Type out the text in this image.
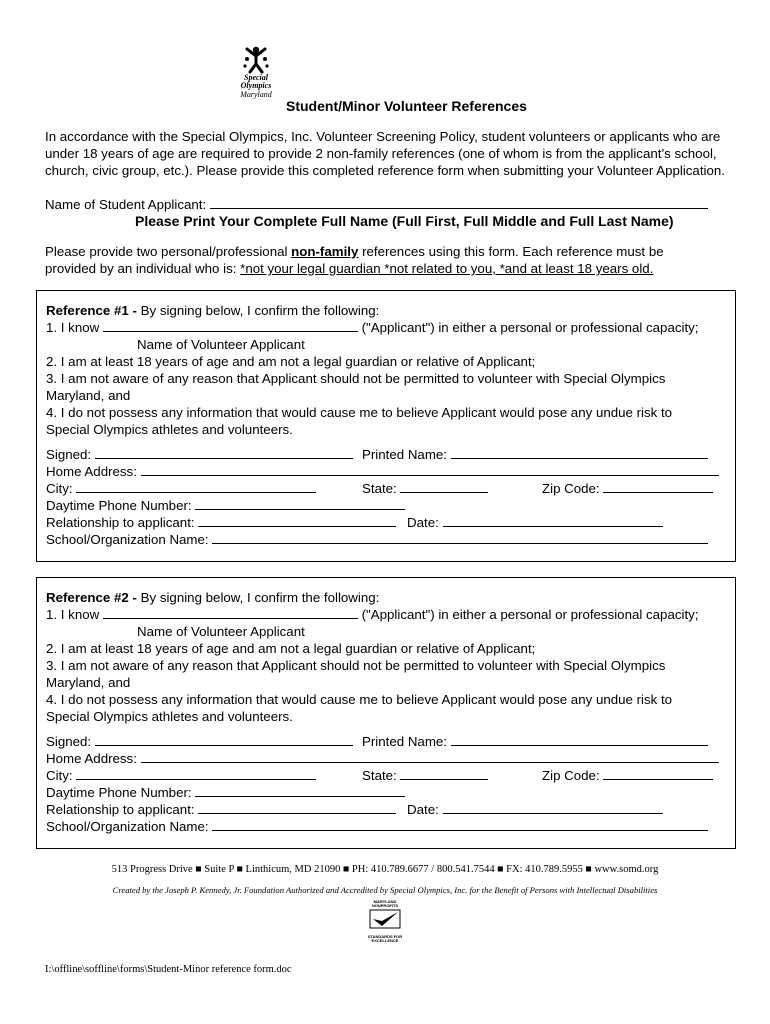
Special
Olympics
Maryland
Student/Minor Volunteer References
In accordance with the Special Olympics, Inc. Volunteer Screening Policy, student volunteers or applicants who are under 18 years of age are required to provide 2 non-family references (one of whom is from the applicant’s school, church, civic group, etc.). Please provide this completed reference form when submitting your Volunteer Application.
Name of Student Applicant:
Please Print Your Complete Full Name (Full First, Full Middle and Full Last Name)
Please provide two personal/professional non-family references using this form. Each reference must be
provided by an individual who is: *not your legal guardian *not related to you, *and at least 18 years old.
Reference #1 - By signing below, I confirm the following:
1. I know	("Applicant") in either a personal or professional capacity;
Name of Volunteer Applicant
2. I am at least 18 years of age and am not a legal guardian or relative of Applicant;
3. I am not aware of any reason that Applicant should not be permitted to volunteer with Special Olympics
Maryland, and
4. I do not possess any information that would cause me to believe Applicant would pose any undue risk to
Special Olympics athletes and volunteers.
Signed:	Printed Name:
Home Address:
City:	State:	Zip Code:
Daytime Phone Number:
Relationship to applicant:	Date:
School/Organization Name:
Reference #2 - By signing below, I confirm the following:
1. I know	("Applicant") in either a personal or professional capacity;
Name of Volunteer Applicant
2. I am at least 18 years of age and am not a legal guardian or relative of Applicant;
3. I am not aware of any reason that Applicant should not be permitted to volunteer with Special Olympics
Maryland, and
4. I do not possess any information that would cause me to believe Applicant would pose any undue risk to
Special Olympics athletes and volunteers.
Signed:	Printed Name:
Home Address:
City:	State:	Zip Code:
Daytime Phone Number:
Relationship to applicant:	Date:
School/Organization Name:
513 Progress Drive ■ Suite P ■ Linthicum, MD 21090 ■ PH: 410.789.6677 / 800.541.7544 ■ FX: 410.789.5955 ■ www.somd.org
Created by the Joseph P. Kennedy, Jr. Foundation Authorized and Accredited by Special Olympics, Inc. for the Benefit of Persons with Intellectual Disabilities
MARYLAND NONPROFITS
STANDARDS FOR EXCELLENCE
I:\offline\soffline\forms\Student-Minor reference form.doc
